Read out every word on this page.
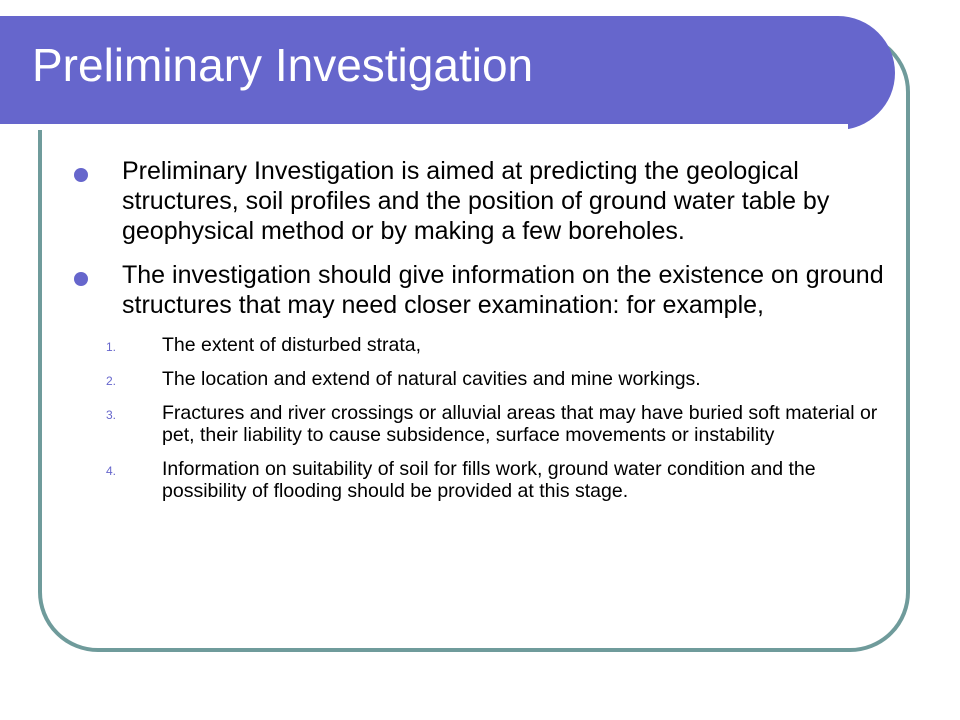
Preliminary Investigation
Preliminary Investigation is aimed at predicting the geological structures, soil profiles and the position of ground water table by geophysical method or by making a few boreholes.
The investigation should give information on the existence on ground structures that may need closer examination: for example,
1. The extent of disturbed strata,
2. The location and extend of natural cavities and mine workings.
3. Fractures and river crossings or alluvial areas that may have buried soft material or pet, their liability to cause subsidence, surface movements or instability
4. Information on suitability of soil for fills work, ground water condition and the possibility of flooding should be provided at this stage.
